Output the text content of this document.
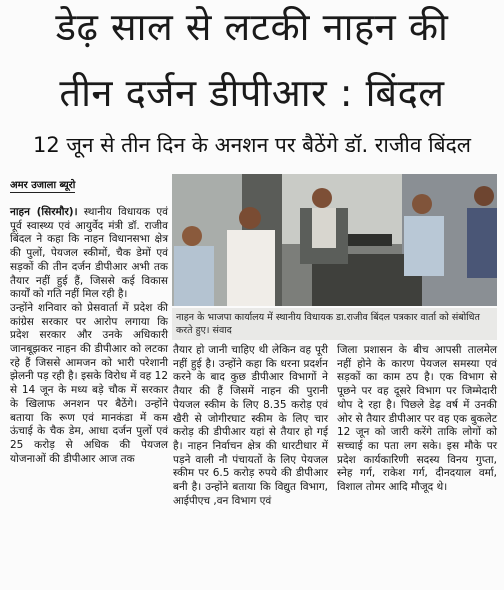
डेढ़ साल से लटकी नाहन की
तीन दर्जन डीपीआर : बिंदल
12 जून से तीन दिन के अनशन पर बैठेंगे डॉ. राजीव बिंदल
अमर उजाला ब्यूरो

नाहन (सिरमौर)। स्थानीय विधायक एवं पूर्व स्वास्थ्य एवं आयुर्वेद मंत्री डॉ. राजीव बिंदल ने कहा कि नाहन विधानसभा क्षेत्र की पुलों, पेयजल स्कीमों, चैक डेमों एवं सड़कों की तीन दर्जन डीपीआर अभी तक तैयार नहीं हुई हैं, जिससे कई विकास कार्यों को गति नहीं मिल रही है।

उन्होंने शनिवार को प्रेसवार्ता में प्रदेश की कांग्रेस सरकार पर आरोप लगाया कि प्रदेश सरकार और उनके अधिकारी जानबूझकर नाहन की डीपीआर को लटका रहे हैं जिससे आमजन को भारी परेशानी झेलनी पड़ रही है। इसके विरोध में वह 12 से 14 जून के मध्य बड़े चौक में सरकार के खिलाफ अनशन पर बैठेंगे। उन्होंने बताया कि रूण एवं मानकंडा में कम ऊंचाई के चैक डेम, आधा दर्जन पुलों एवं 25 करोड़ से अधिक की पेयजल योजनाओं की डीपीआर आज तक

नाहन के भाजपा कार्यालय में स्थानीय विधायक डा.राजीव बिंदल पत्रकार वार्ता को संबोधित करते हुए। संवाद
तैयार हो जानी चाहिए थी लेकिन वह पूरी नहीं हुई है। उन्होंने कहा कि धरना प्रदर्शन करने के बाद कुछ डीपीआर विभागों ने तैयार की हैं जिसमें नाहन की पुरानी पेयजल स्कीम के लिए 8.35 करोड़ एवं खैरी से जोगीरघाट स्कीम के लिए चार करोड़ की डीपीआर यहां से तैयार हो गई है। नाहन निर्वाचन क्षेत्र की धारटीधार में पड़ने वाली नौ पंचायतों के लिए पेयजल स्कीम पर 6.5 करोड़ रुपये की डीपीआर बनी है। उन्होंने बताया कि विद्युत विभाग, आईपीएच ,वन विभाग एवं
जिला प्रशासन के बीच आपसी तालमेल नहीं होने के कारण पेयजल समस्या एवं सड़कों का काम ठप है। एक विभाग से पूछने पर वह दूसरे विभाग पर जिम्मेदारी थोप दे रहा है। पिछले डेढ़ वर्ष में उनकी ओर से तैयार डीपीआर पर वह एक बुकलेट 12 जून को जारी करेंगे ताकि लोगों को सच्चाई का पता लग सके। इस मौके पर प्रदेश कार्यकारिणी सदस्य विनय गुप्ता, स्नेह गर्ग, राकेश गर्ग, दीनदयाल वर्मा, विशाल तोमर आदि मौजूद थे।
